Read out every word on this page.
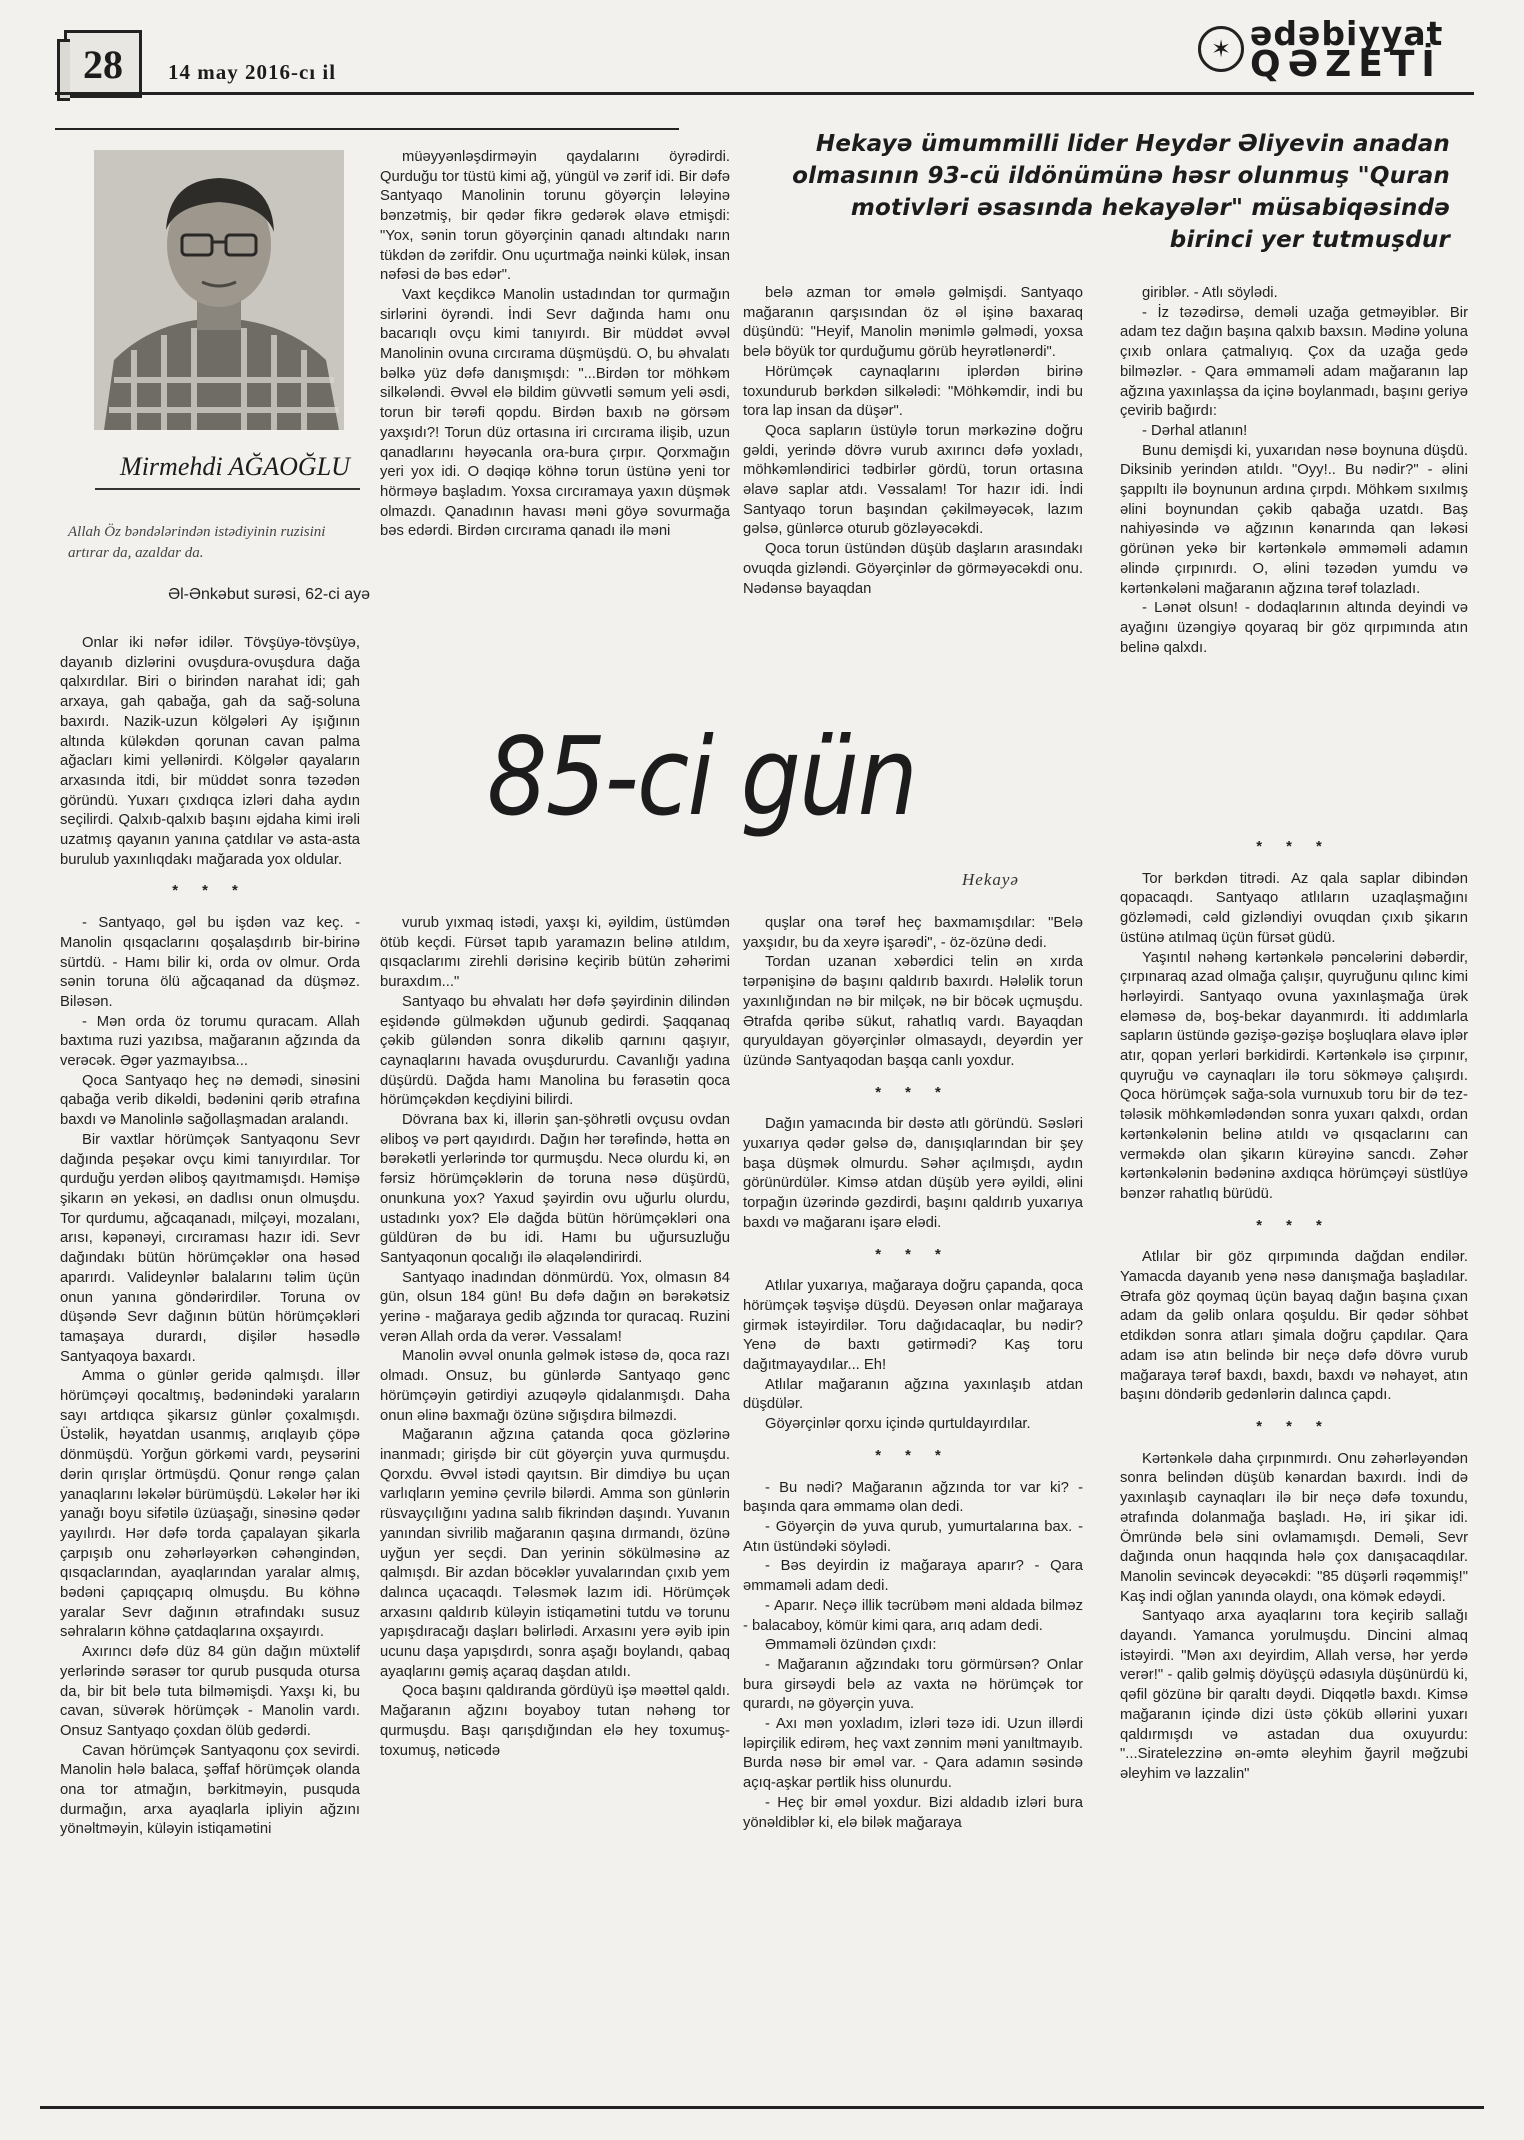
28	14 may 2016-cı il
✶ ədəbiyyat
QƏZETİ
Mirmehdi AĞAOĞLU
Allah Öz bəndələrindən istədiyinin ruzisini artırar da, azaldar da.
Əl-Ənkəbut surəsi, 62-ci ayə
Hekayə ümummilli lider Heydər Əliyevin anadan olmasının 93-cü ildönümünə həsr olunmuş "Quran motivləri əsasında hekayələr" müsabiqəsində birinci yer tutmuşdur
85-ci gün
Hekayə

Onlar iki nəfər idilər. Tövşüyə-tövşüyə, dayanıb dizlərini ovuşdura-ovuşdura dağa qalxırdılar. Biri o birindən narahat idi; gah arxaya, gah qabağa, gah da sağ-soluna baxırdı. Nazik-uzun kölgələri Ay işığının altında küləkdən qorunan cavan palma ağacları kimi yellənirdi. Kölgələr qayaların arxasında itdi, bir müddət sonra təzədən göründü. Yuxarı çıxdıqca izləri daha aydın seçilirdi. Qalxıb-qalxıb başını əjdaha kimi irəli uzatmış qayanın yanına çatdılar və asta-asta burulub yaxınlıqdakı mağarada yox oldular.

* * *

- Santyaqo, gəl bu işdən vaz keç. - Manolin qısqaclarını qoşalaşdırıb bir-birinə sürtdü. - Hamı bilir ki, orda ov olmur. Orda sənin toruna ölü ağcaqanad da düşməz. Biləsən.

- Mən orda öz torumu quracam. Allah baxtıma ruzi yazıbsa, mağaranın ağzında da verəcək. Əgər yazmayıbsa...

Qoca Santyaqo heç nə demədi, sinəsini qabağa verib dikəldi, bədənini qərib ətrafına baxdı və Manolinlə sağollaşmadan aralandı.

Bir vaxtlar hörümçək Santyaqonu Sevr dağında peşəkar ovçu kimi tanıyırdılar. Tor qurduğu yerdən əliboş qayıtmamışdı. Həmişə şikarın ən yekəsi, ən dadlısı onun olmuşdu. Tor qurdumu, ağcaqanadı, milçəyi, mozalanı, arısı, kəpənəyi, cırcıraması hazır idi. Sevr dağındakı bütün hörümçəklər ona həsəd aparırdı. Valideynlər balalarını təlim üçün onun yanına göndərirdilər. Toruna ov düşəndə Sevr dağının bütün hörümçəkləri tamaşaya durardı, dişilər həsədlə Santyaqoya baxardı.

Amma o günlər geridə qalmışdı. İllər hörümçəyi qocaltmış, bədənindəki yaraların sayı artdıqca şikarsız günlər çoxalmışdı. Üstəlik, həyatdan usanmış, arıqlayıb çöpə dönmüşdü. Yorğun görkəmi vardı, peysərini dərin qırışlar örtmüşdü. Qonur rəngə çalan yanaqlarını ləkələr bürümüşdü. Ləkələr hər iki yanağı boyu sifətilə üzüaşağı, sinəsinə qədər yayılırdı. Hər dəfə torda çapalayan şikarla çarpışıb onu zəhərləyərkən cəhəngindən, qısqaclarından, ayaqlarından yaralar almış, bədəni çapıqçapıq olmuşdu. Bu köhnə yaralar Sevr dağının ətrafındakı susuz səhraların köhnə çatdaqlarına oxşayırdı.

Axırıncı dəfə düz 84 gün dağın müxtəlif yerlərində sərasər tor qurub pusquda otursa da, bir bit belə tuta bilməmişdi. Yaxşı ki, bu cavan, süvərək hörümçək - Manolin vardı. Onsuz Santyaqo çoxdan ölüb gedərdi.

Cavan hörümçək Santyaqonu çox sevirdi. Manolin hələ balaca, şəffaf hörümçək olanda ona tor atmağın, bərkitməyin, pusquda durmağın, arxa ayaqlarla ipliyin ağzını yönəltməyin, küləyin istiqamətini

müəyyənləşdirməyin qaydalarını öyrədirdi. Qurduğu tor tüstü kimi ağ, yüngül və zərif idi. Bir dəfə Santyaqo Manolinin torunu göyərçin lələyinə bənzətmiş, bir qədər fikrə gedərək əlavə etmişdi: "Yox, sənin torun göyərçinin qanadı altındakı narın tükdən də zərifdir. Onu uçurtmağa nəinki külək, insan nəfəsi də bəs edər".

Vaxt keçdikcə Manolin ustadından tor qurmağın sirlərini öyrəndi. İndi Sevr dağında hamı onu bacarıqlı ovçu kimi tanıyırdı. Bir müddət əvvəl Manolinin ovuna cırcırama düşmüşdü. O, bu əhvalatı bəlkə yüz dəfə danışmışdı: "...Birdən tor möhkəm silkələndi. Əvvəl elə bildim güvvətli səmum yeli əsdi, torun bir tərəfi qopdu. Birdən baxıb nə görsəm yaxşıdı?! Torun düz ortasına iri cırcırama ilişib, uzun qanadlarını həyəcanla ora-bura çırpır. Qorxmağın yeri yox idi. O dəqiqə köhnə torun üstünə yeni tor hörməyə başladım. Yoxsa cırcıramaya yaxın düşmək olmazdı. Qanadının havası məni göyə sovurmağa bəs edərdi. Birdən cırcırama qanadı ilə məni

belə azman tor əmələ gəlmişdi. Santyaqo mağaranın qarşısından öz əl işinə baxaraq düşündü: "Heyif, Manolin mənimlə gəlmədi, yoxsa belə böyük tor qurduğumu görüb heyrətlənərdi".

Hörümçək caynaqlarını iplərdən birinə toxundurub bərkdən silkələdi: "Möhkəmdir, indi bu tora lap insan da düşər".

Qoca sapların üstüylə torun mərkəzinə doğru gəldi, yerində dövrə vurub axırıncı dəfə yoxladı, möhkəmləndirici tədbirlər gördü, torun ortasına əlavə saplar atdı. Vəssalam! Tor hazır idi. İndi Santyaqo torun başından çəkilməyəcək, lazım gəlsə, günlərcə oturub gözləyəcəkdi.

Qoca torun üstündən düşüb daşların arasındakı ovuqda gizləndi. Göyərçinlər də görməyəcəkdi onu. Nədənsə bayaqdan

giriblər. - Atlı söylədi.

- İz təzədirsə, deməli uzağa getməyiblər. Bir adam tez dağın başına qalxıb baxsın. Mədinə yoluna çıxıb onlara çatmalıyıq. Çox da uzağa gedə bilməzlər. - Qara əmmaməli adam mağaranın lap ağzına yaxınlaşsa da içinə boylanmadı, başını geriyə çevirib bağırdı:

- Dərhal atlanın!

Bunu demişdi ki, yuxarıdan nəsə boynuna düşdü. Diksinib yerindən atıldı. "Oyy!.. Bu nədir?" - əlini şappıltı ilə boynunun ardına çırpdı. Möhkəm sıxılmış əlini boynundan çəkib qabağa uzatdı. Baş nahiyəsində və ağzının kənarında qan ləkəsi görünən yekə bir kərtənkələ əmməməli adamın əlində çırpınırdı. O, əlini təzədən yumdu və kərtənkələni mağaranın ağzına tərəf tolazladı.

- Lənət olsun! - dodaqlarının altında deyindi və ayağını üzəngiyə qoyaraq bir göz qırpımında atın belinə qalxdı.

vurub yıxmaq istədi, yaxşı ki, əyildim, üstümdən ötüb keçdi. Fürsət tapıb yaramazın belinə atıldım, qısqaclarımı zirehli dərisinə keçirib bütün zəhərimi buraxdım..."

Santyaqo bu əhvalatı hər dəfə şəyirdinin dilindən eşidəndə gülməkdən uğunub gedirdi. Şaqqanaq çəkib güləndən sonra dikəlib qarnını qaşıyır, caynaqlarını havada ovuşdururdu. Cavanlığı yadına düşürdü. Dağda hamı Manolina bu fərasətin qoca hörümçəkdən keçdiyini bilirdi.

Dövrana bax ki, illərin şan-şöhrətli ovçusu ovdan əliboş və pərt qayıdırdı. Dağın hər tərəfində, hətta ən bərəkətli yerlərində tor qurmuşdu. Necə olurdu ki, ən fərsiz hörümçəklərin də toruna nəsə düşürdü, onunkuna yox? Yaxud şəyirdin ovu uğurlu olurdu, ustadınkı yox? Elə dağda bütün hörümçəkləri ona güldürən də bu idi. Hamı bu uğursuzluğu Santyaqonun qocalığı ilə əlaqələndirirdi.

Santyaqo inadından dönmürdü. Yox, olmasın 84 gün, olsun 184 gün! Bu dəfə dağın ən bərəkətsiz yerinə - mağaraya gedib ağzında tor quracaq. Ruzini verən Allah orda da verər. Vəssalam!

Manolin əvvəl onunla gəlmək istəsə də, qoca razı olmadı. Onsuz, bu günlərdə Santyaqo gənc hörümçəyin gətirdiyi azuqəylə qidalanmışdı. Daha onun əlinə baxmağı özünə sığışdıra bilməzdi.

Mağaranın ağzına çatanda qoca gözlərinə inanmadı; girişdə bir cüt göyərçin yuva qurmuşdu. Qorxdu. Əvvəl istədi qayıtsın. Bir dimdiyə bu uçan varlıqların yeminə çevrilə bilərdi. Amma son günlərin rüsvayçılığını yadına salıb fikrindən daşındı. Yuvanın yanından sivrilib mağaranın qaşına dırmandı, özünə uyğun yer seçdi. Dan yerinin sökülməsinə az qalmışdı. Bir azdan böcəklər yuvalarından çıxıb yem dalınca uçacaqdı. Tələsmək lazım idi. Hörümçək arxasını qaldırıb küləyin istiqamətini tutdu və torunu yapışdıracağı daşları bəlirlədi. Arxasını yerə əyib ipin ucunu daşa yapışdırdı, sonra aşağı boylandı, qabaq ayaqlarını gəmiş açaraq daşdan atıldı.

Qoca başını qaldıranda gördüyü işə məəttəl qaldı. Mağaranın ağzını boyaboy tutan nəhəng tor qurmuşdu. Başı qarışdığından elə hey toxumuş-toxumuş, nəticədə

quşlar ona tərəf heç baxmamışdılar: "Belə yaxşıdır, bu da xeyrə işarədi", - öz-özünə dedi.

Tordan uzanan xəbərdici telin ən xırda tərpənişinə də başını qaldırıb baxırdı. Hələlik torun yaxınlığından nə bir milçək, nə bir böcək uçmuşdu. Ətrafda qəribə sükut, rahatlıq vardı. Bayaqdan quryuldayan göyərçinlər olmasaydı, deyərdin yer üzündə Santyaqodan başqa canlı yoxdur.

* * *

Dağın yamacında bir dəstə atlı göründü. Səsləri yuxarıya qədər gəlsə də, danışıqlarından bir şey başa düşmək olmurdu. Səhər açılmışdı, aydın görünürdülər. Kimsə atdan düşüb yerə əyildi, əlini torpağın üzərində gəzdirdi, başını qaldırıb yuxarıya baxdı və mağaranı işarə elədi.

* * *

Atlılar yuxarıya, mağaraya doğru çapanda, qoca hörümçək təşvişə düşdü. Deyəsən onlar mağaraya girmək istəyirdilər. Toru dağıdacaqlar, bu nədir? Yenə də baxtı gətirmədi? Kaş toru dağıtmayaydılar... Eh!

Atlılar mağaranın ağzına yaxınlaşıb atdan düşdülər.

Göyərçinlər qorxu içində qurtuldayırdılar.

* * *

- Bu nədi? Mağaranın ağzında tor var ki? - başında qara əmmamə olan dedi.

- Göyərçin də yuva qurub, yumurtalarına bax. - Atın üstündəki söylədi.

- Bəs deyirdin iz mağaraya aparır? - Qara əmmaməli adam dedi.

- Aparır. Neçə illik təcrübəm məni aldada bilməz - balacaboy, kömür kimi qara, arıq adam dedi.

Əmmaməli özündən çıxdı:

- Mağaranın ağzındakı toru görmürsən? Onlar bura girsəydi belə az vaxta nə hörümçək tor qurardı, nə göyərçin yuva.

- Axı mən yoxladım, izləri təzə idi. Uzun illərdi ləpirçilik edirəm, heç vaxt zənnim məni yanıltmayıb. Burda nəsə bir əməl var. - Qara adamın səsində açıq-aşkar pərtlik hiss olunurdu.

- Heç bir əməl yoxdur. Bizi aldadıb izləri bura yönəldiblər ki, elə bilək mağaraya

* * *

Tor bərkdən titrədi. Az qala saplar dibindən qopacaqdı. Santyaqo atlıların uzaqlaşmağını gözləmədi, cəld gizləndiyi ovuqdan çıxıb şikarın üstünə atılmaq üçün fürsət güdü.

Yaşıntıl nəhəng kərtənkələ pəncələrini dəbərdir, çırpınaraq azad olmağa çalışır, quyruğunu qılınc kimi hərləyirdi. Santyaqo ovuna yaxınlaşmağa ürək eləməsə də, boş-bekar dayanmırdı. İti addımlarla sapların üstündə gəzişə-gəzişə boşluqlara əlavə iplər atır, qopan yerləri bərkidirdi. Kərtənkələ isə çırpınır, quyruğu və caynaqları ilə toru sökməyə çalışırdı. Qoca hörümçək sağa-sola vurnuxub toru bir də tez-tələsik möhkəmlədəndən sonra yuxarı qalxdı, ordan kərtənkələnin belinə atıldı və qısqaclarını can verməkdə olan şikarın kürəyinə sancdı. Zəhər kərtənkələnin bədəninə axdıqca hörümçəyi süstlüyə bənzər rahatlıq bürüdü.

* * *

Atlılar bir göz qırpımında dağdan endilər. Yamacda dayanıb yenə nəsə danışmağa başladılar. Ətrafa göz qoymaq üçün bayaq dağın başına çıxan adam da gəlib onlara qoşuldu. Bir qədər söhbət etdikdən sonra atları şimala doğru çapdılar. Qara adam isə atın belində bir neçə dəfə dövrə vurub mağaraya tərəf baxdı, baxdı, baxdı və nəhayət, atın başını döndərib gedənlərin dalınca çapdı.

* * *

Kərtənkələ daha çırpınmırdı. Onu zəhərləyəndən sonra belindən düşüb kənardan baxırdı. İndi də yaxınlaşıb caynaqları ilə bir neçə dəfə toxundu, ətrafında dolanmağa başladı. Hə, iri şikar idi. Ömründə belə sini ovlamamışdı. Deməli, Sevr dağında onun haqqında hələ çox danışacaqdılar. Manolin sevincək deyəcəkdi: "85 düşərli rəqəmmiş!" Kaş indi oğlan yanında olaydı, ona kömək edəydi.

Santyaqo arxa ayaqlarını tora keçirib sallağı dayandı. Yamanca yorulmuşdu. Dincini almaq istəyirdi. "Mən axı deyirdim, Allah versə, hər yerdə verər!" - qalib gəlmiş döyüşçü ədasıyla düşünürdü ki, qəfil gözünə bir qaraltı dəydi. Diqqətlə baxdı. Kimsə mağaranın içində dizi üstə çöküb əllərini yuxarı qaldırmışdı və astadan dua oxuyurdu: "...Siratelezzinə ən-əmtə əleyhim ğayril məğzubi əleyhim və lazzalin"
